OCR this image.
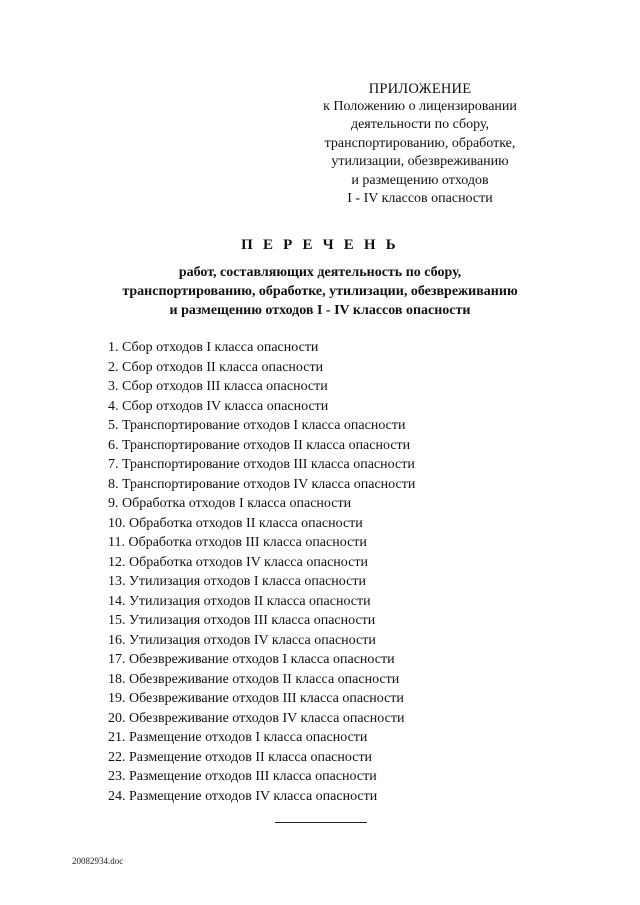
ПРИЛОЖЕНИЕ
к Положению о лицензировании
деятельности по сбору,
транспортированию, обработке,
утилизации, обезвреживанию
и размещению отходов
I - IV классов опасности
П Е Р Е Ч Е Н Ь
работ, составляющих деятельность по сбору,
транспортированию, обработке, утилизации, обезвреживанию
и размещению отходов I - IV классов опасности
1. Сбор отходов I класса опасности
2. Сбор отходов II класса опасности
3. Сбор отходов III класса опасности
4. Сбор отходов IV класса опасности
5. Транспортирование отходов I класса опасности
6. Транспортирование отходов II класса опасности
7. Транспортирование отходов III класса опасности
8. Транспортирование отходов IV класса опасности
9. Обработка отходов I класса опасности
10. Обработка отходов II класса опасности
11. Обработка отходов III класса опасности
12. Обработка отходов IV класса опасности
13. Утилизация отходов I класса опасности
14. Утилизация отходов II класса опасности
15. Утилизация отходов III класса опасности
16. Утилизация отходов IV класса опасности
17. Обезвреживание отходов I класса опасности
18. Обезвреживание отходов II класса опасности
19. Обезвреживание отходов III класса опасности
20. Обезвреживание отходов IV класса опасности
21. Размещение отходов I класса опасности
22. Размещение отходов II класса опасности
23. Размещение отходов III класса опасности
24. Размещение отходов IV класса опасности
20082934.doc
